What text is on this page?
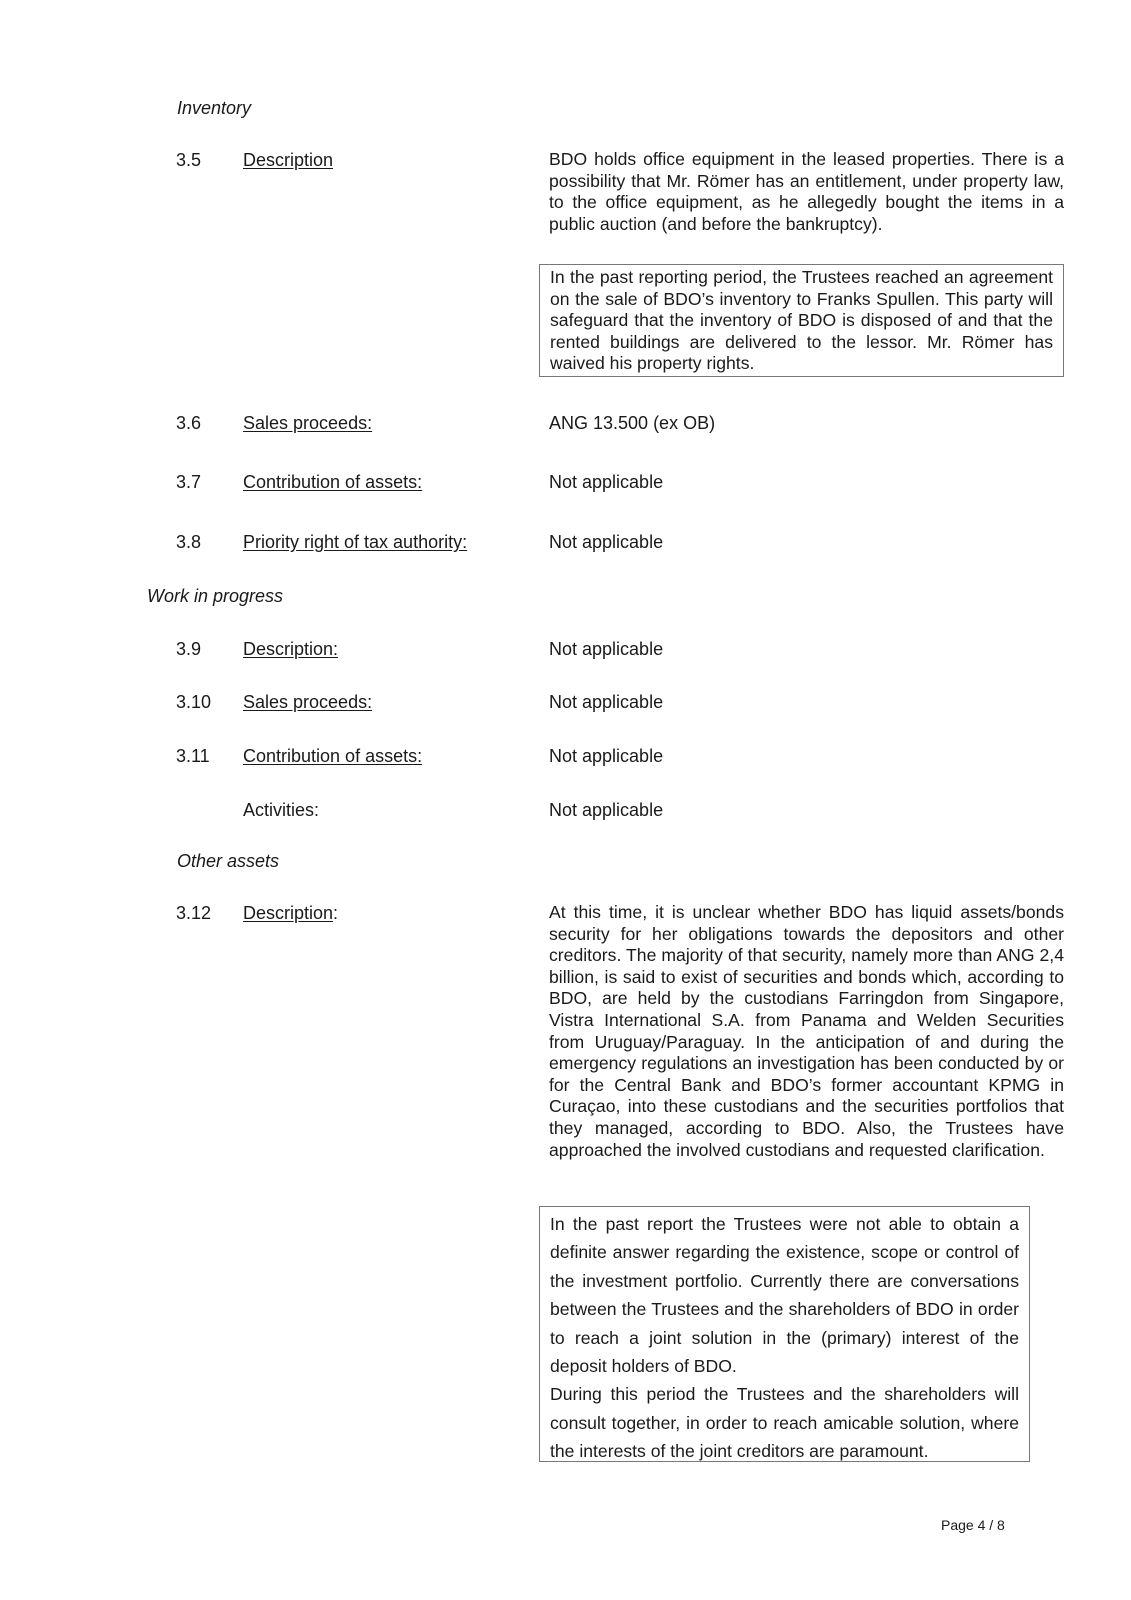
Inventory
3.5 Description	BDO holds office equipment in the leased properties. There is a possibility that Mr. Römer has an entitlement, under property law, to the office equipment, as he allegedly bought the items in a public auction (and before the bankruptcy).
In the past reporting period, the Trustees reached an agreement on the sale of BDO’s inventory to Franks Spullen. This party will safeguard that the inventory of BDO is disposed of and that the rented buildings are delivered to the lessor. Mr. Römer has waived his property rights.
3.6 Sales proceeds:	ANG 13.500 (ex OB)
3.7 Contribution of assets:	Not applicable
3.8 Priority right of tax authority:	Not applicable
Work in progress
3.9 Description:	Not applicable
3.10 Sales proceeds:	Not applicable
3.11 Contribution of assets:	Not applicable
Activities:	Not applicable
Other assets
3.12 Description:	At this time, it is unclear whether BDO has liquid assets/bonds security for her obligations towards the depositors and other creditors. The majority of that security, namely more than ANG 2,4 billion, is said to exist of securities and bonds which, according to BDO, are held by the custodians Farringdon from Singapore, Vistra International S.A. from Panama and Welden Securities from Uruguay/Paraguay. In the anticipation of and during the emergency regulations an investigation has been conducted by or for the Central Bank and BDO’s former accountant KPMG in Curaçao, into these custodians and the securities portfolios that they managed, according to BDO. Also, the Trustees have approached the involved custodians and requested clarification.

In the past report the Trustees were not able to obtain a definite answer regarding the existence, scope or control of the investment portfolio. Currently there are conversations between the Trustees and the shareholders of BDO in order to reach a joint solution in the (primary) interest of the deposit holders of BDO.

During this period the Trustees and the shareholders will consult together, in order to reach amicable solution, where the interests of the joint creditors are paramount.

Page 4 / 8
